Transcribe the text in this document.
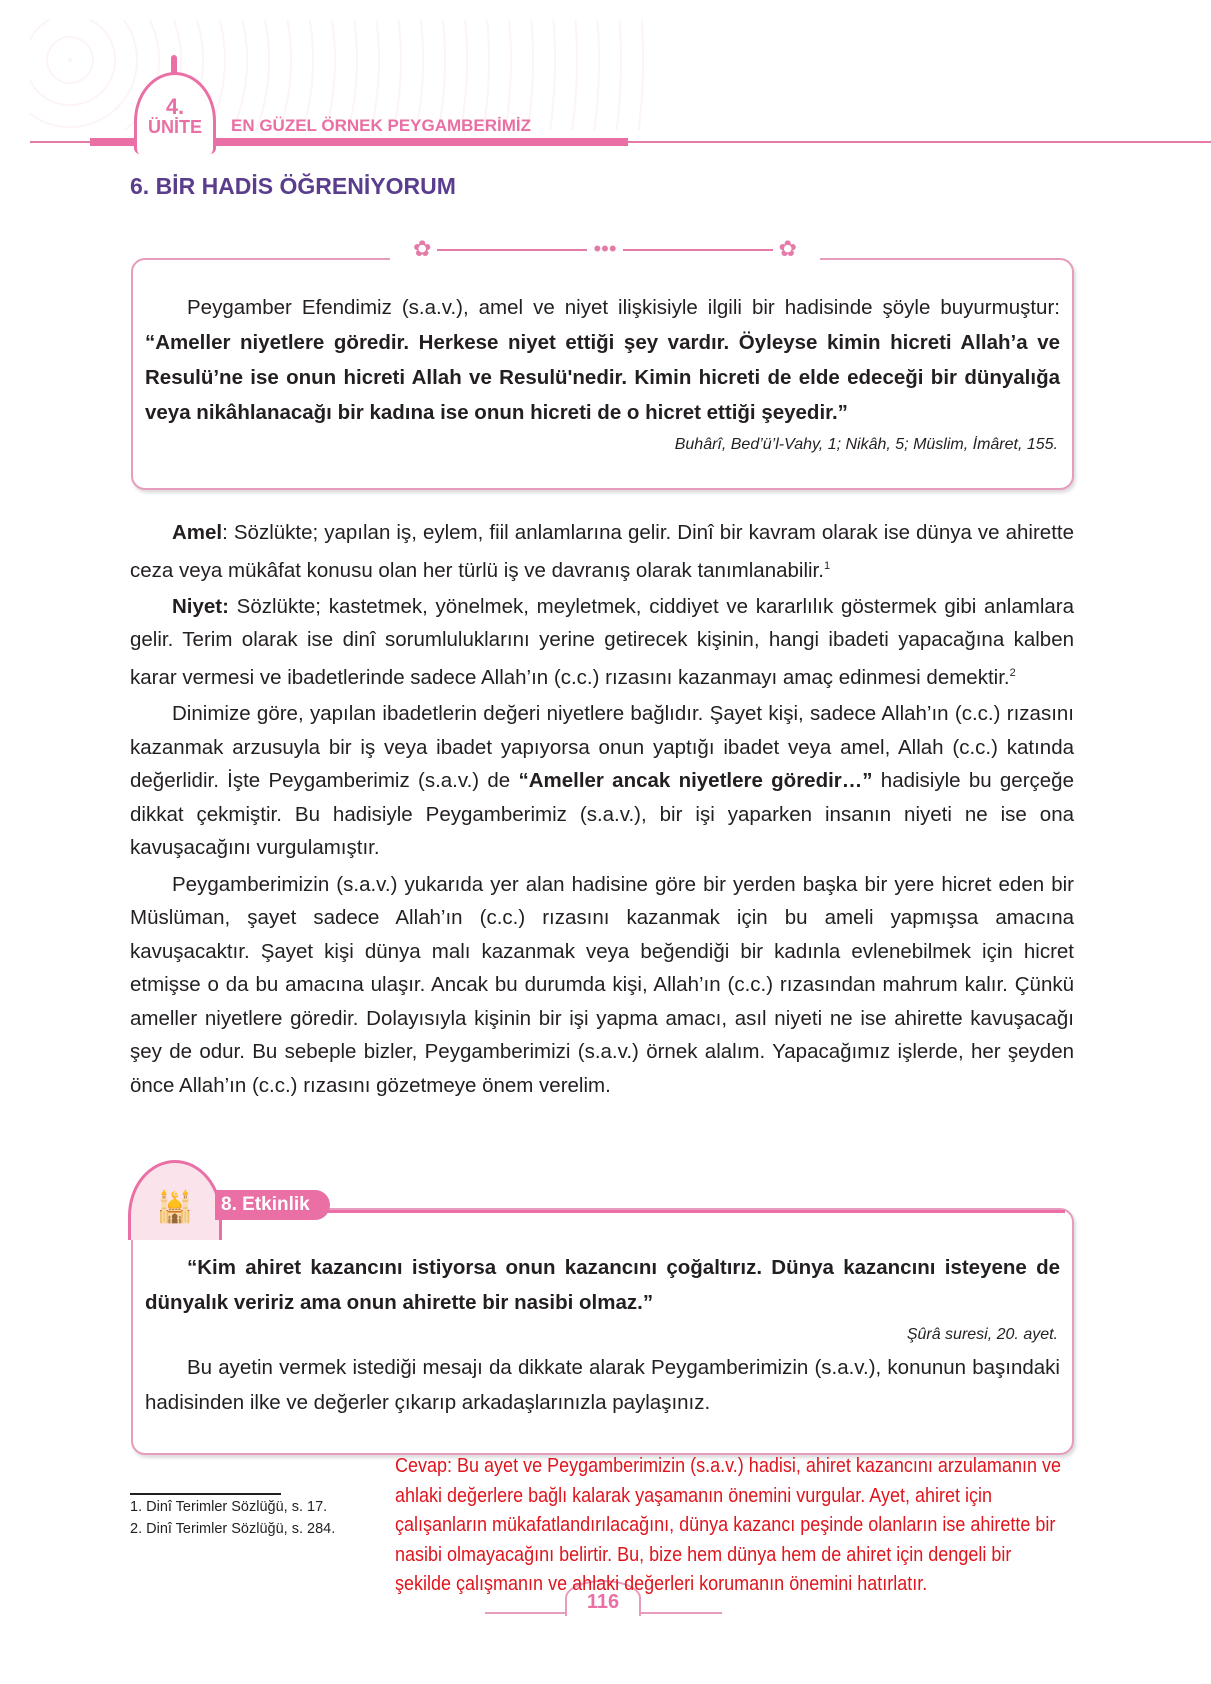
4.
ÜNİTE	EN GÜZEL ÖRNEK PEYGAMBERİMİZ
6. BİR HADİS ÖĞRENİYORUM

Peygamber Efendimiz (s.a.v.), amel ve niyet ilişkisiyle ilgili bir hadisinde şöyle buyurmuştur: “Ameller niyetlere göredir. Herkese niyet ettiği şey vardır. Öyleyse kimin hicreti Allah’a ve Resulü’ne ise onun hicreti Allah ve Resulü'nedir. Kimin hicreti de elde edeceği bir dünyalığa veya nikâhlanacağı bir kadına ise onun hicreti de o hicret ettiği şeyedir.”

Buhârî, Bed’ü’l-Vahy, 1; Nikâh, 5; Müslim, İmâret, 155.

✿	•••	✿

Amel: Sözlükte; yapılan iş, eylem, fiil anlamlarına gelir. Dinî bir kavram olarak ise dünya ve ahirette ceza veya mükâfat konusu olan her türlü iş ve davranış olarak tanımlanabilir.$^1$

Niyet: Sözlükte; kastetmek, yönelmek, meyletmek, ciddiyet ve kararlılık göstermek gibi anlamlara gelir. Terim olarak ise dinî sorumluluklarını yerine getirecek kişinin, hangi ibadeti yapacağına kalben karar vermesi ve ibadetlerinde sadece Allah’ın (c.c.) rızasını kazanmayı amaç edinmesi demektir.$^2$

Dinimize göre, yapılan ibadetlerin değeri niyetlere bağlıdır. Şayet kişi, sadece Allah’ın (c.c.) rızasını kazanmak arzusuyla bir iş veya ibadet yapıyorsa onun yaptığı ibadet veya amel, Allah (c.c.) katında değerlidir. İşte Peygamberimiz (s.a.v.) de “Ameller ancak niyetlere göredir…” hadisiyle bu gerçeğe dikkat çekmiştir. Bu hadisiyle Peygamberimiz (s.a.v.), bir işi yaparken insanın niyeti ne ise ona kavuşacağını vurgulamıştır.

Peygamberimizin (s.a.v.) yukarıda yer alan hadisine göre bir yerden başka bir yere hicret eden bir Müslüman, şayet sadece Allah’ın (c.c.) rızasını kazanmak için bu ameli yapmışsa amacına kavuşacaktır. Şayet kişi dünya malı kazanmak veya beğendiği bir kadınla evlenebilmek için hicret etmişse o da bu amacına ulaşır. Ancak bu durumda kişi, Allah’ın (c.c.) rızasından mahrum kalır. Çünkü ameller niyetlere göredir. Dolayısıyla kişinin bir işi yapma amacı, asıl niyeti ne ise ahirette kavuşacağı şey de odur. Bu sebeple bizler, Peygamberimizi (s.a.v.) örnek alalım. Yapacağımız işlerde, her şeyden önce Allah’ın (c.c.) rızasını gözetmeye önem verelim.

“Kim ahiret kazancını istiyorsa onun kazancını çoğaltırız. Dünya kazancını isteyene de dünyalık veririz ama onun ahirette bir nasibi olmaz.”

Şûrâ suresi, 20. ayet.

Bu ayetin vermek istediği mesajı da dikkate alarak Peygamberimizin (s.a.v.), konunun başındaki hadisinden ilke ve değerler çıkarıp arkadaşlarınızla paylaşınız.

🕌	8. Etkinlik
1. Dinî Terimler Sözlüğü, s. 17.
2. Dinî Terimler Sözlüğü, s. 284.
116
Cevap: Bu ayet ve Peygamberimizin (s.a.v.) hadisi, ahiret kazancını arzulamanın ve
ahlaki değerlere bağlı kalarak yaşamanın önemini vurgular. Ayet, ahiret için
çalışanların mükafatlandırılacağını, dünya kazancı peşinde olanların ise ahirette bir
nasibi olmayacağını belirtir. Bu, bize hem dünya hem de ahiret için dengeli bir
şekilde çalışmanın ve ahlaki değerleri korumanın önemini hatırlatır.
